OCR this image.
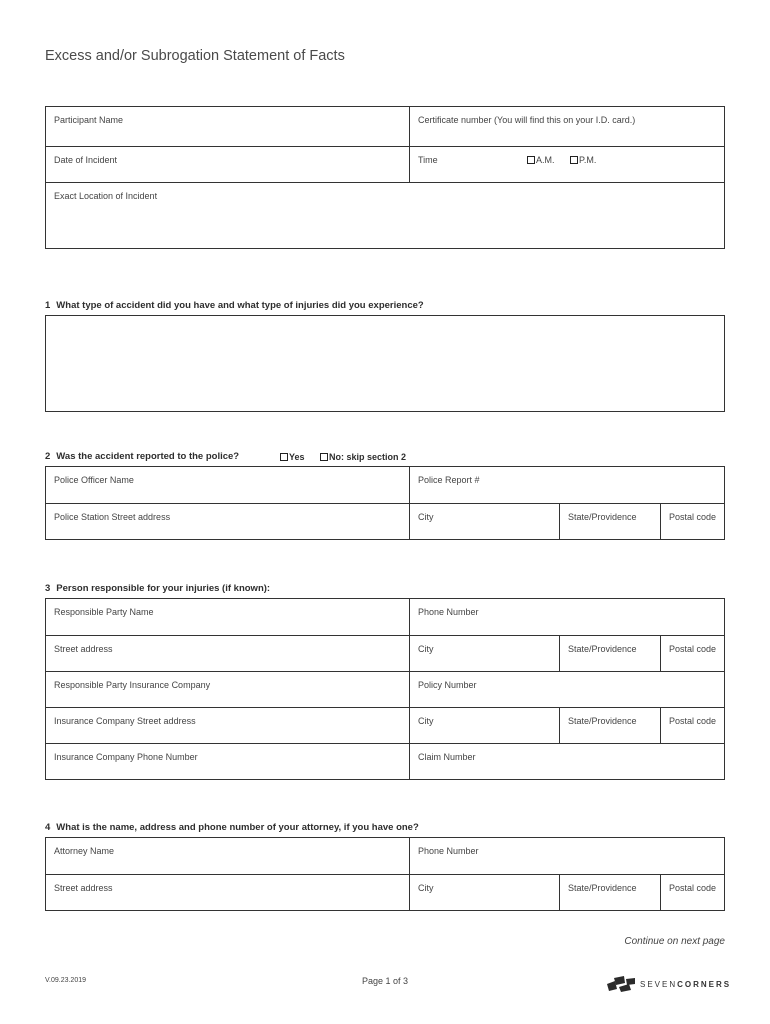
Excess and/or Subrogation Statement of Facts
Participant Name	Certificate number (You will find this on your I.D. card.)
Date of Incident	Time	A.M.	P.M.
Exact Location of Incident
1 What type of accident did you have and what type of injuries did you experience?
2 Was the accident reported to the police?	Yes	No: skip section 2
Police Officer Name	Police Report #
Police Station Street address	City	State/Providence	Postal code
3 Person responsible for your injuries (if known):
Responsible Party Name	Phone Number
Street address	City	State/Providence	Postal code
Responsible Party Insurance Company	Policy Number
Insurance Company Street address	City	State/Providence	Postal code
Insurance Company Phone Number	Claim Number
4 What is the name, address and phone number of your attorney, if you have one?
Attorney Name	Phone Number
Street address	City	State/Providence	Postal code
Continue on next page
V.09.23.2019	Page 1 of 3	SEVENCORNERS
